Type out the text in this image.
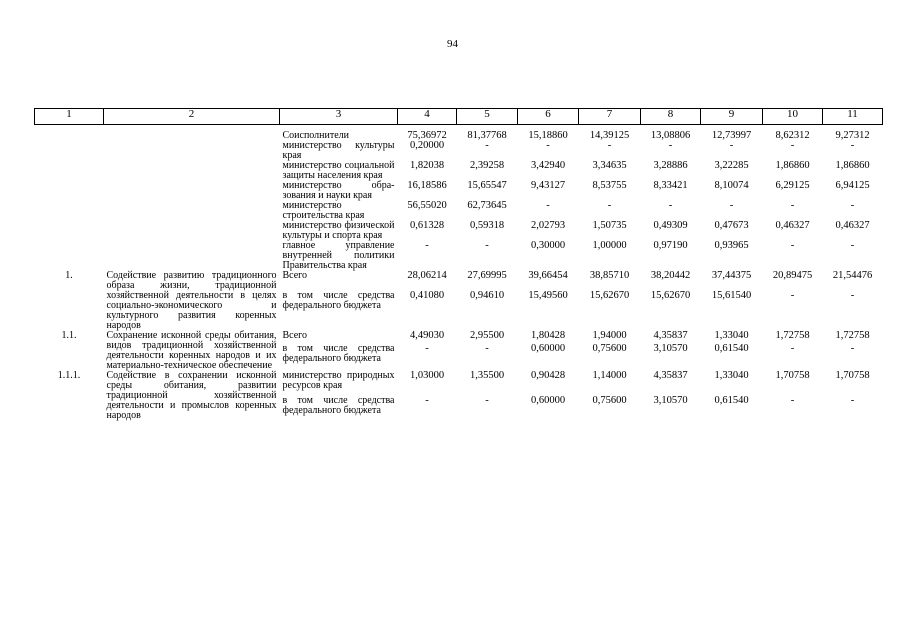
94
1	2	3	4	5	6	7	8	9	10	11
		Соисполнители	75,36972	81,37768	15,18860	14,39125	13,08806	12,73997	8,62312	9,27312
		министерство культуры края	0,20000	-	-	-	-	-	-	-
		министерство социальной защиты населения края	1,82038	2,39258	3,42940	3,34635	3,28886	3,22285	1,86860	1,86860
		министерство образования и науки края	16,18586	15,65547	9,43127	8,53755	8,33421	8,10074	6,29125	6,94125
		министерство строительства края	56,55020	62,73645	-	-	-	-	-	-
		министерство физической культуры и спорта края	0,61328	0,59318	2,02793	1,50735	0,49309	0,47673	0,46327	0,46327
		главное управление внутренней политики Правительства края	-	-	0,30000	1,00000	0,97190	0,93965	-	-
1.	Содействие развитию традиционного образа жизни, традиционной хозяйственной деятельности в целях социально-экономического и культурного развития коренных народов	Всего	28,06214	27,69995	39,66454	38,85710	38,20442	37,44375	20,89475	21,54476
		в том числе средства федерального бюджета	0,41080	0,94610	15,49560	15,62670	15,62670	15,61540	-	-
1.1.	Сохранение исконной среды обитания, видов традиционной хозяйственной деятельности коренных народов и их материально-техническое обеспечение	Всего	4,49030	2,95500	1,80428	1,94000	4,35837	1,33040	1,72758	1,72758
		в том числе средства федерального бюджета	-	-	0,60000	0,75600	3,10570	0,61540	-	-
1.1.1.	Содействие в сохранении исконной среды обитания, развитии традиционной хозяйственной деятельности и промыслов коренных народов	министерство природных ресурсов края	1,03000	1,35500	0,90428	1,14000	4,35837	1,33040	1,70758	1,70758
		в том числе средства федерального бюджета	-	-	0,60000	0,75600	3,10570	0,61540	-	-
